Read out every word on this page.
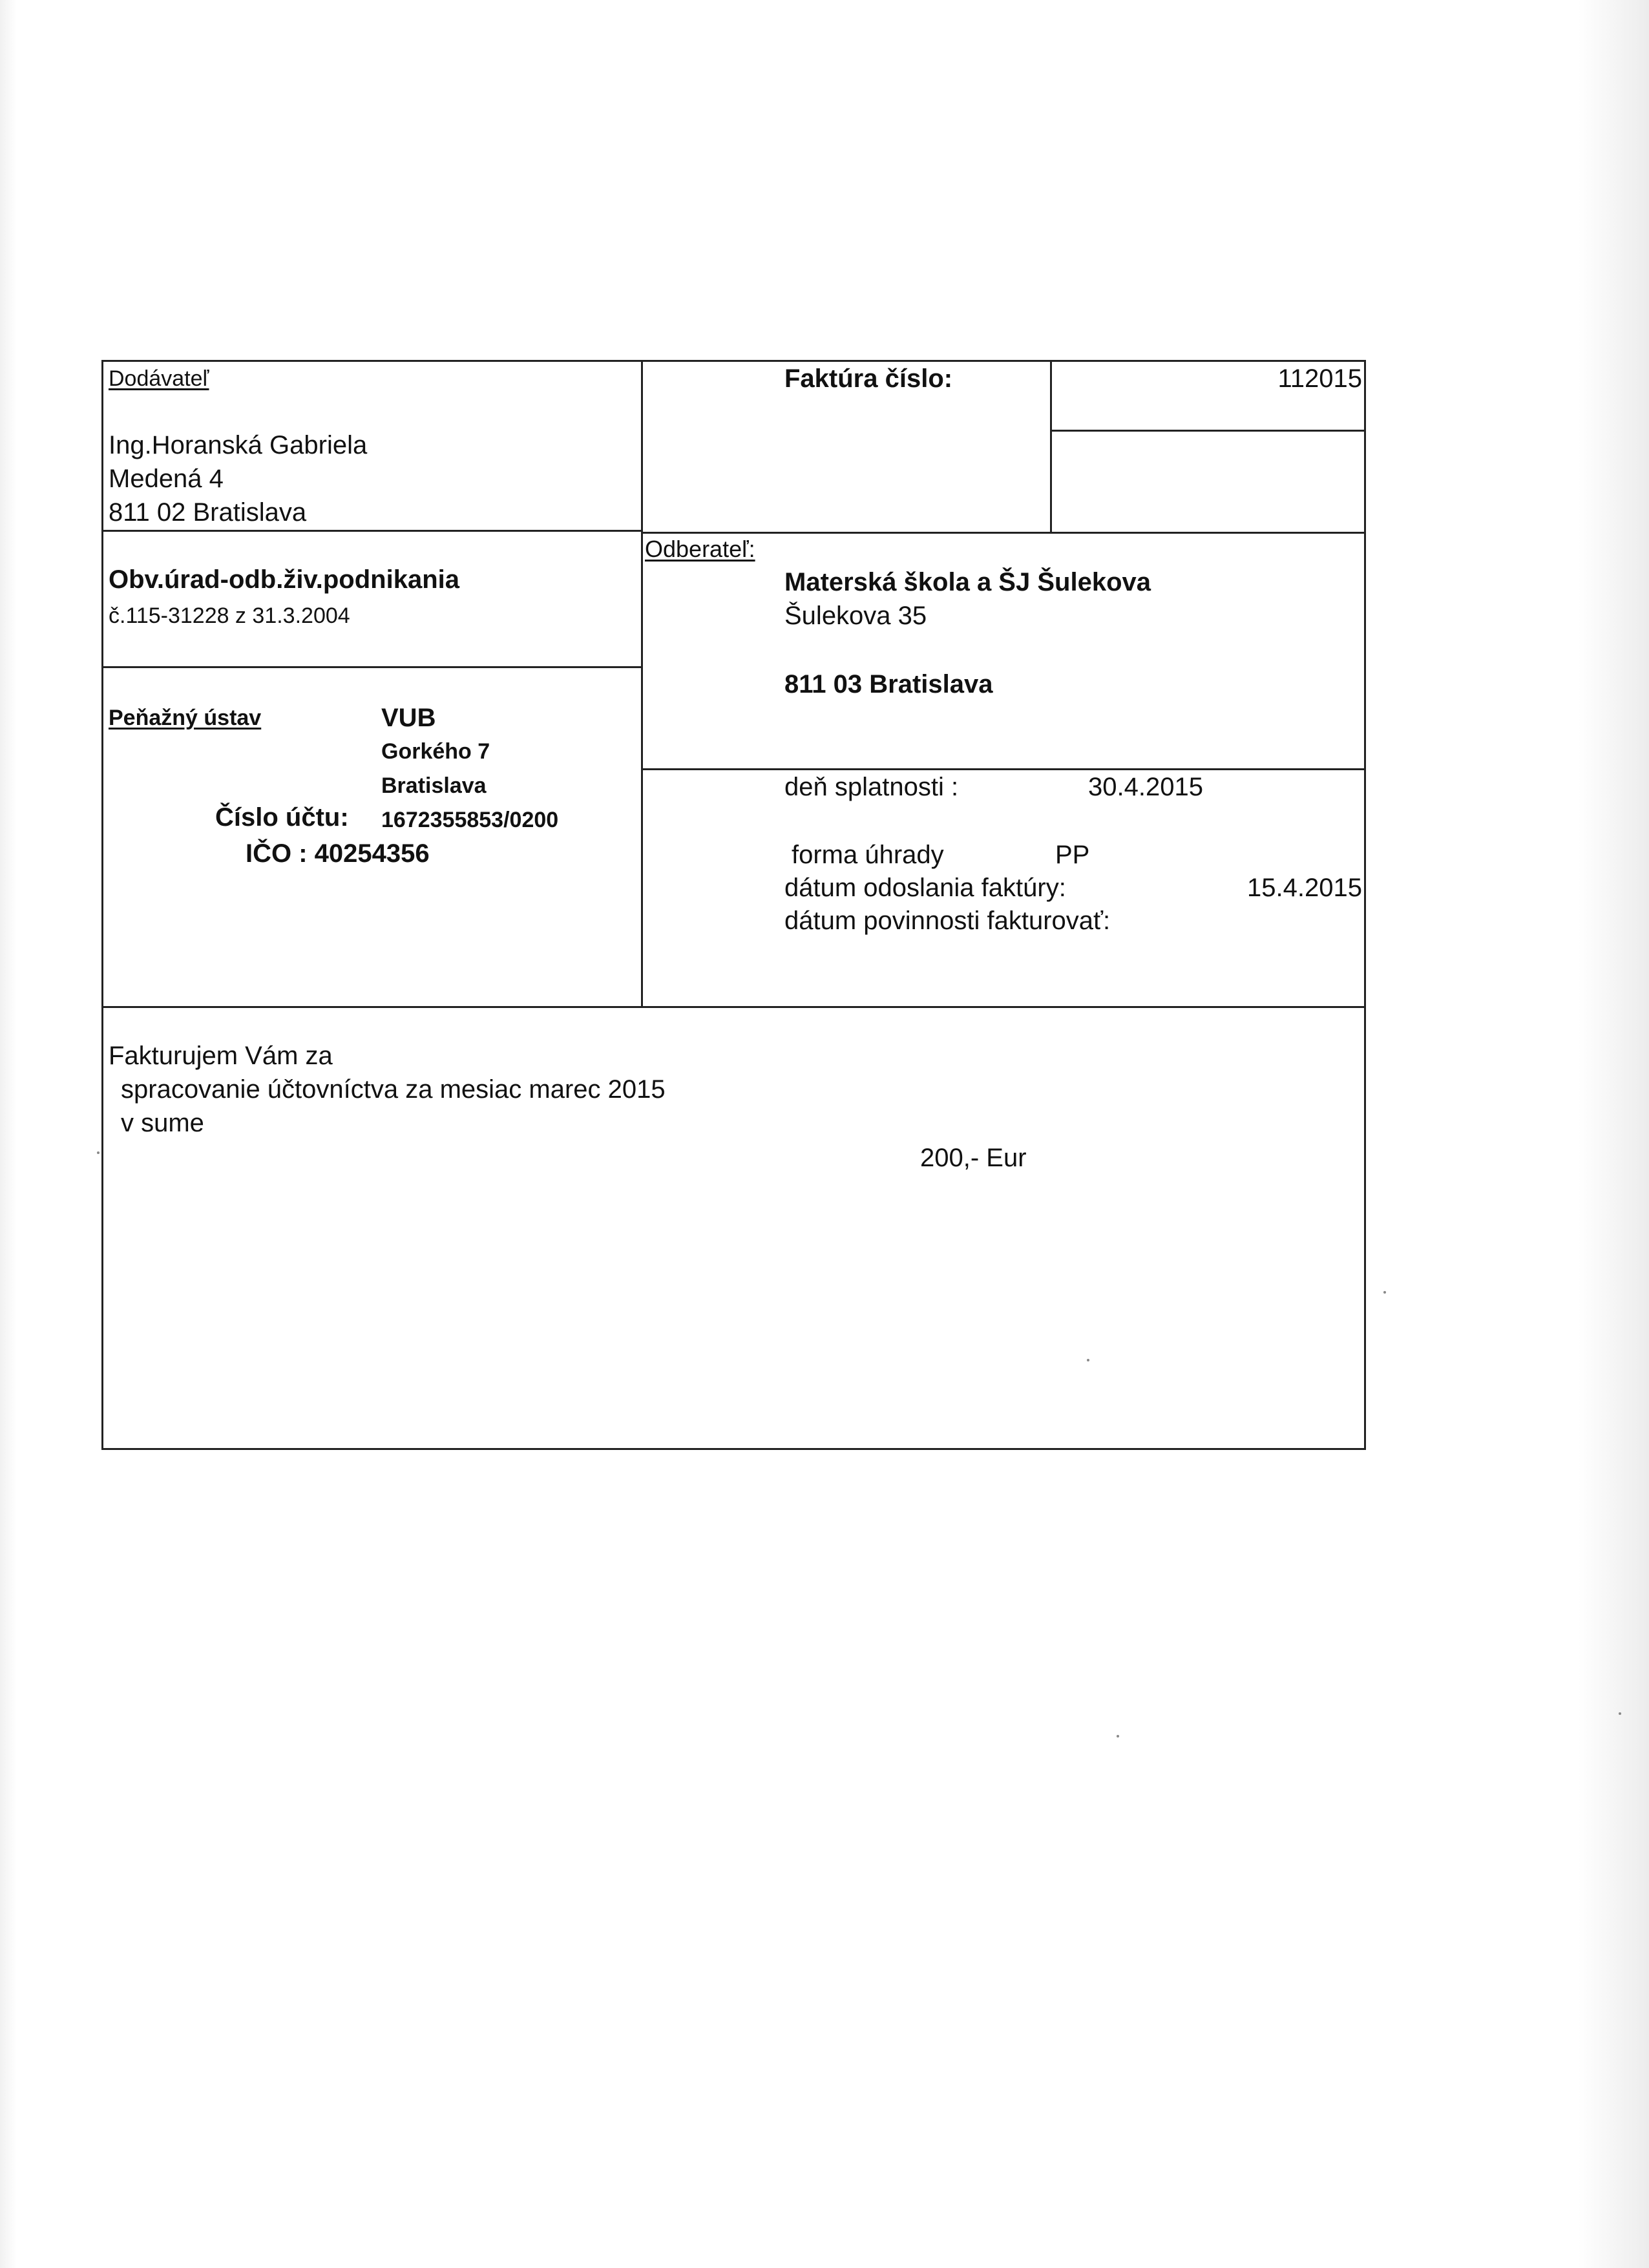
Dodávateľ
Ing.Horanská Gabriela
Medená 4
811 02 Bratislava
Obv.úrad-odb.živ.podnikania
č.115-31228 z 31.3.2004
Faktúra číslo:	112015
Peňažný ústav	VUB
Gorkého 7
Bratislava
Číslo účtu: 1672355853/0200
IČO : 40254356
Odberateľ:
Materská škola a ŠJ Šulekova
Šulekova 35
811 03 Bratislava
deň splatnosti :	30.4.2015
forma úhrady	PP
dátum odoslania faktúry:	15.4.2015
dátum povinnosti fakturovať:
Fakturujem Vám za
spracovanie účtovníctva za mesiac marec 2015
v sume
200,- Eur
